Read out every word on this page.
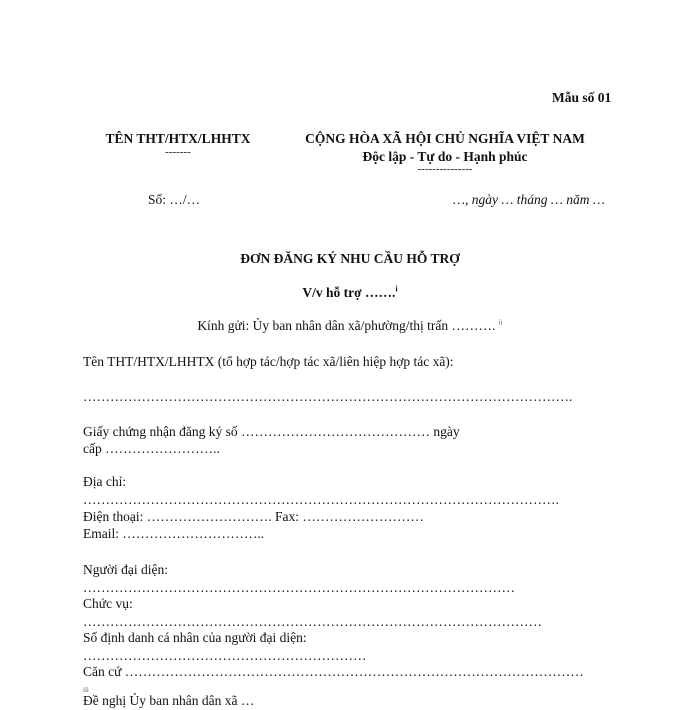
Mẫu số 01
TÊN THT/HTX/LHHTX
-------
CỘNG HÒA XÃ HỘI CHỦ NGHĨA VIỆT NAM
Độc lập - Tự do - Hạnh phúc
---------------
Số: …/…	…, ngày … tháng … năm …
ĐƠN ĐĂNG KÝ NHU CẦU HỖ TRỢ
V/v hỗ trợ …….$^i$
Kính gửi: Ủy ban nhân dân xã/phường/thị trấn ………. $^{ii}$
Tên THT/HTX/LHHTX (tổ hợp tác/hợp tác xã/liên hiệp hợp tác xã):
……………………………………………………………………………………………….
Giấy chứng nhận đăng ký số …………………………………… ngày
cấp ……………………..
Địa chỉ: …………………………………………………………………………………………….
Điện thoại: ………………………. Fax: ………………………
Email: …………………………..
Người đại diện: ……………………………………………………………………………………
Chức vụ: …………………………………………………………………………………………
Số định danh cá nhân của người đại diện: ………………………………………………………
Căn cứ ………………………………………………………………………………………… $^{iii}$
Đề nghị Ủy ban nhân dân xã …
